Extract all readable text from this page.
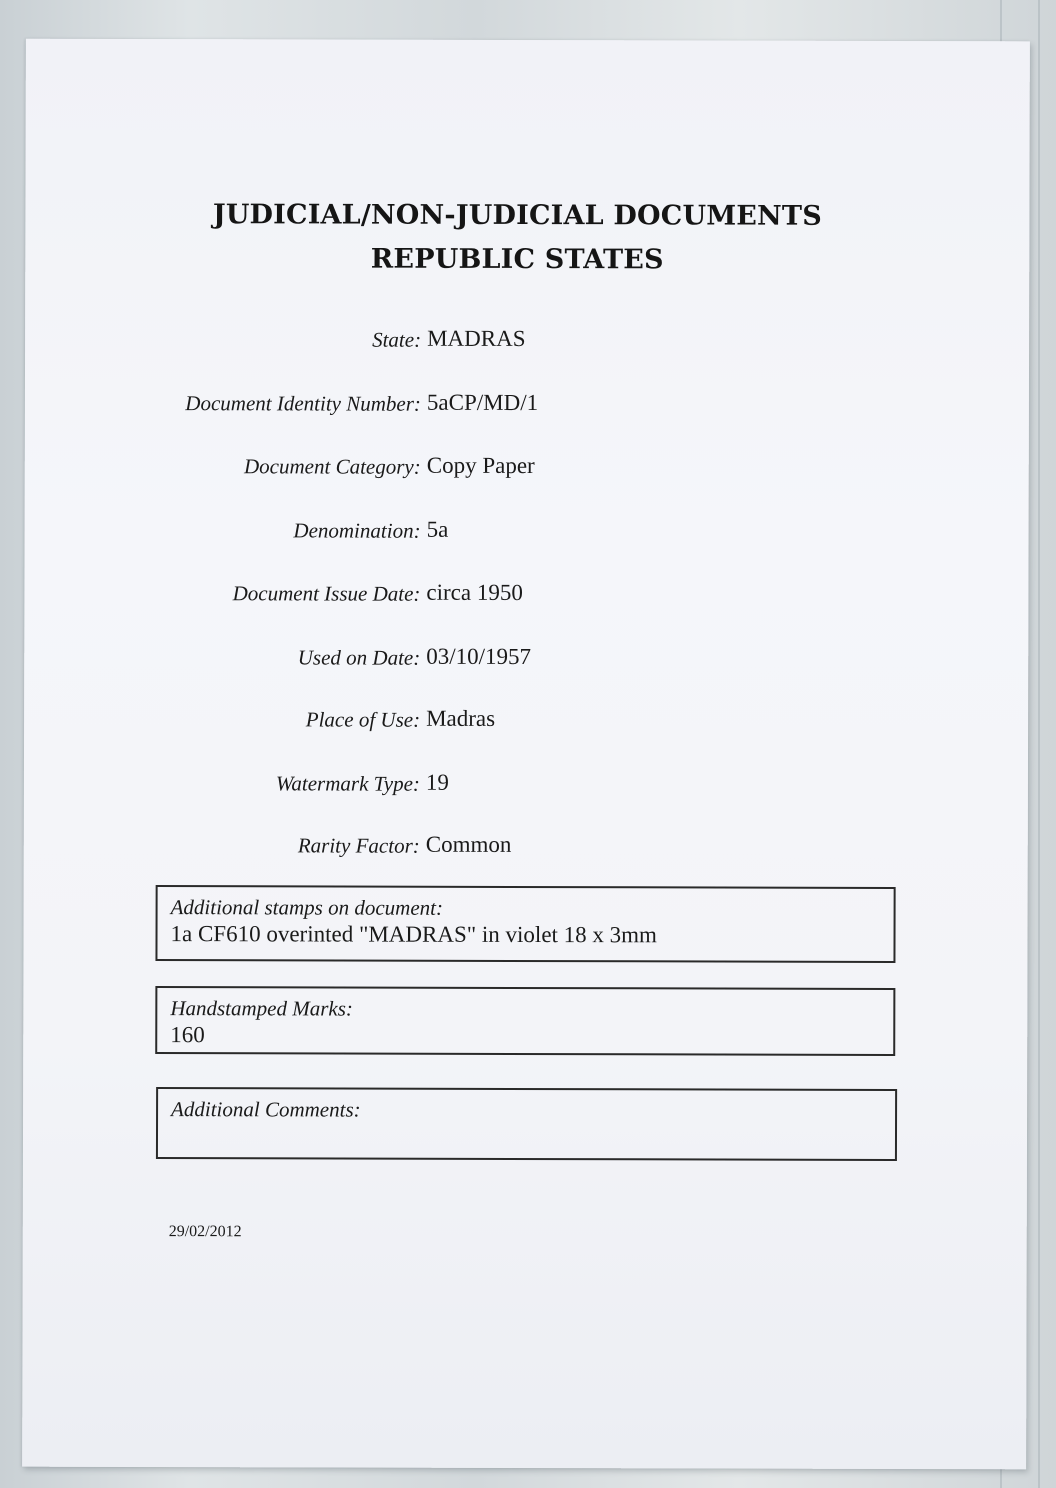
JUDICIAL/NON-JUDICIAL DOCUMENTS
REPUBLIC STATES
State: MADRAS
Document Identity Number: 5aCP/MD/1
Document Category: Copy Paper
Denomination: 5a
Document Issue Date: circa 1950
Used on Date: 03/10/1957
Place of Use: Madras
Watermark Type: 19
Rarity Factor: Common
Additional stamps on document:
1a CF610 overinted "MADRAS" in violet 18 x 3mm
Handstamped Marks:
160
Additional Comments:
29/02/2012
